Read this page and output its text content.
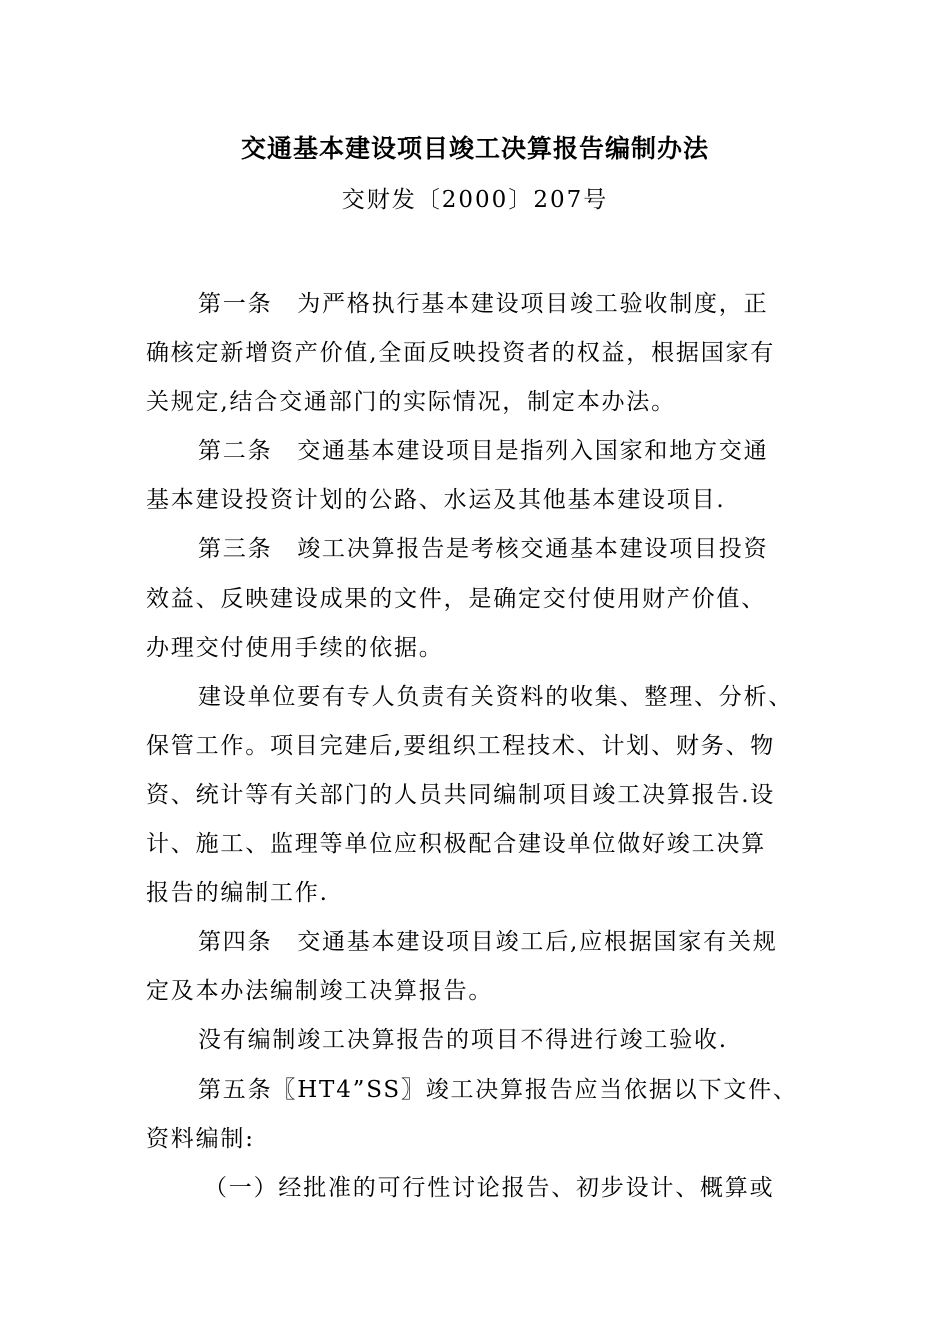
交通基本建设项目竣工决算报告编制办法
交财发〔2000〕207号
第一条　为严格执行基本建设项目竣工验收制度，正
确核定新增资产价值,全面反映投资者的权益，根据国家有
关规定,结合交通部门的实际情况，制定本办法。
第二条　交通基本建设项目是指列入国家和地方交通
基本建设投资计划的公路、水运及其他基本建设项目.
第三条　竣工决算报告是考核交通基本建设项目投资
效益、反映建设成果的文件，是确定交付使用财产价值、
办理交付使用手续的依据。
建设单位要有专人负责有关资料的收集、整理、分析、
保管工作。项目完建后,要组织工程技术、计划、财务、物
资、统计等有关部门的人员共同编制项目竣工决算报告.设
计、施工、监理等单位应积极配合建设单位做好竣工决算
报告的编制工作.
第四条　交通基本建设项目竣工后,应根据国家有关规
定及本办法编制竣工决算报告。
没有编制竣工决算报告的项目不得进行竣工验收.
第五条〖HT4”SS〗竣工决算报告应当依据以下文件、
资料编制:
（一）经批准的可行性讨论报告、初步设计、概算或
